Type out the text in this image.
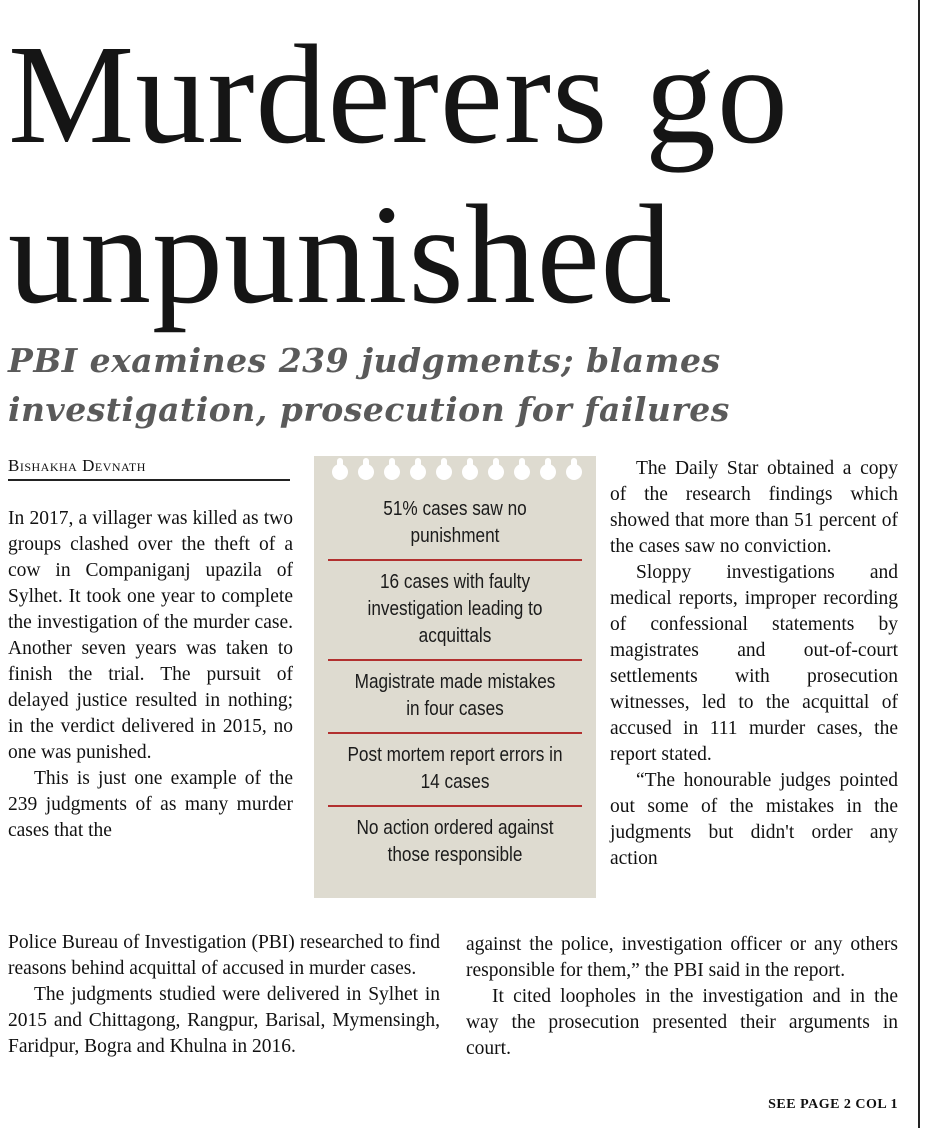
Murderers go
unpunished
PBI examines 239 judgments; blames
investigation, prosecution for failures
Bishakha Devnath

In 2017, a villager was killed as two groups clashed over the theft of a cow in Companiganj upazila of Sylhet. It took one year to complete the investigation of the murder case. Another seven years was taken to finish the trial. The pursuit of delayed justice resulted in nothing; in the verdict delivered in 2015, no one was punished.

This is just one example of the 239 judgments of as many murder cases that the

Police Bureau of Investigation (PBI) researched to find reasons behind acquittal of accused in murder cases.

The judgments studied were delivered in Sylhet in 2015 and Chittagong, Rangpur, Barisal, Mymensingh, Faridpur, Bogra and Khulna in 2016.

51% cases saw no punishment
16 cases with faulty investigation leading to acquittals
Magistrate made mistakes in four cases
Post mortem report errors in 14 cases
No action ordered against those responsible

The Daily Star obtained a copy of the research findings which showed that more than 51 percent of the cases saw no conviction.

Sloppy investigations and medical reports, improper recording of confessional statements by magistrates and out-of-court settlements with prosecution witnesses, led to the acquittal of accused in 111 murder cases, the report stated.

“The honourable judges pointed out some of the mistakes in the judgments but didn't order any action

against the police, investigation officer or any others responsible for them,” the PBI said in the report.

It cited loopholes in the investigation and in the way the prosecution presented their arguments in court.

SEE PAGE 2 COL 1
